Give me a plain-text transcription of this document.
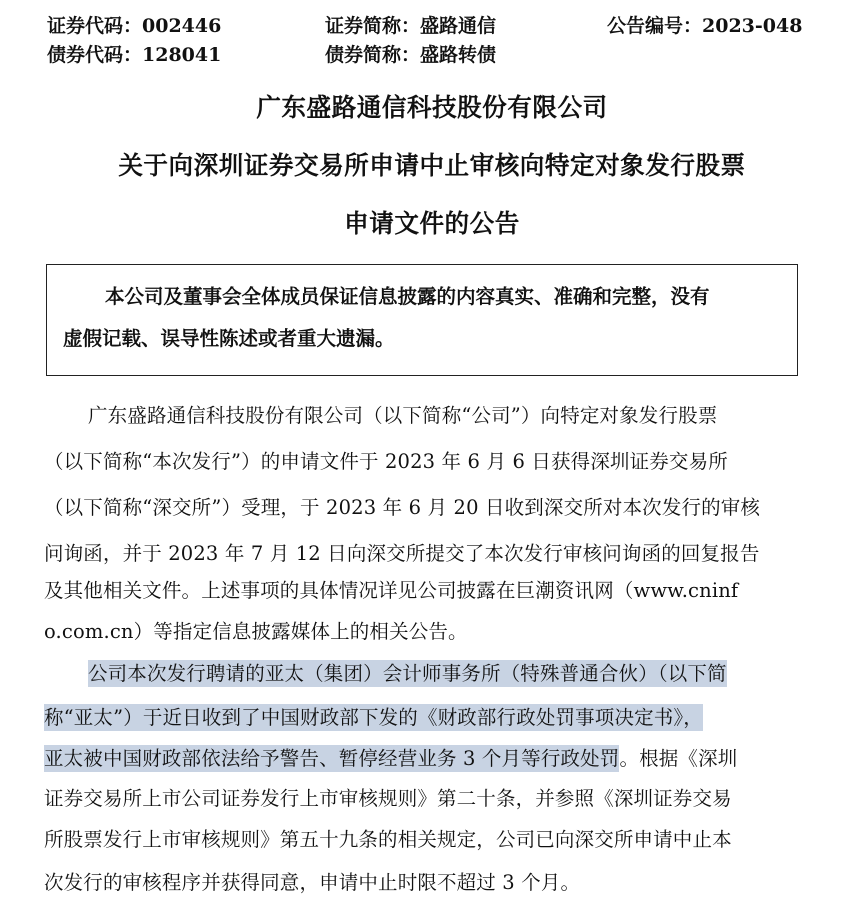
证券代码：002446	证券简称：盛路通信	公告编号：2023-048
债券代码：128041	债券简称：盛路转债
广东盛路通信科技股份有限公司
关于向深圳证券交易所申请中止审核向特定对象发行股票
申请文件的公告
本公司及董事会全体成员保证信息披露的内容真实、准确和完整，没有
虚假记载、误导性陈述或者重大遗漏。
广东盛路通信科技股份有限公司（以下简称“公司”）向特定对象发行股票
（以下简称“本次发行”）的申请文件于 2023 年 6 月 6 日获得深圳证券交易所
（以下简称“深交所”）受理，于 2023 年 6 月 20 日收到深交所对本次发行的审核
问询函，并于 2023 年 7 月 12 日向深交所提交了本次发行审核问询函的回复报告
及其他相关文件。上述事项的具体情况详见公司披露在巨潮资讯网（www.cninf
o.com.cn）等指定信息披露媒体上的相关公告。
公司本次发行聘请的亚太（集团）会计师事务所（特殊普通合伙）（以下简
称“亚太”）于近日收到了中国财政部下发的《财政部行政处罚事项决定书》，
亚太被中国财政部依法给予警告、暂停经营业务 3 个月等行政处罚。根据《深圳
证券交易所上市公司证券发行上市审核规则》第二十条，并参照《深圳证券交易
所股票发行上市审核规则》第五十九条的相关规定，公司已向深交所申请中止本
次发行的审核程序并获得同意，申请中止时限不超过 3 个月。
